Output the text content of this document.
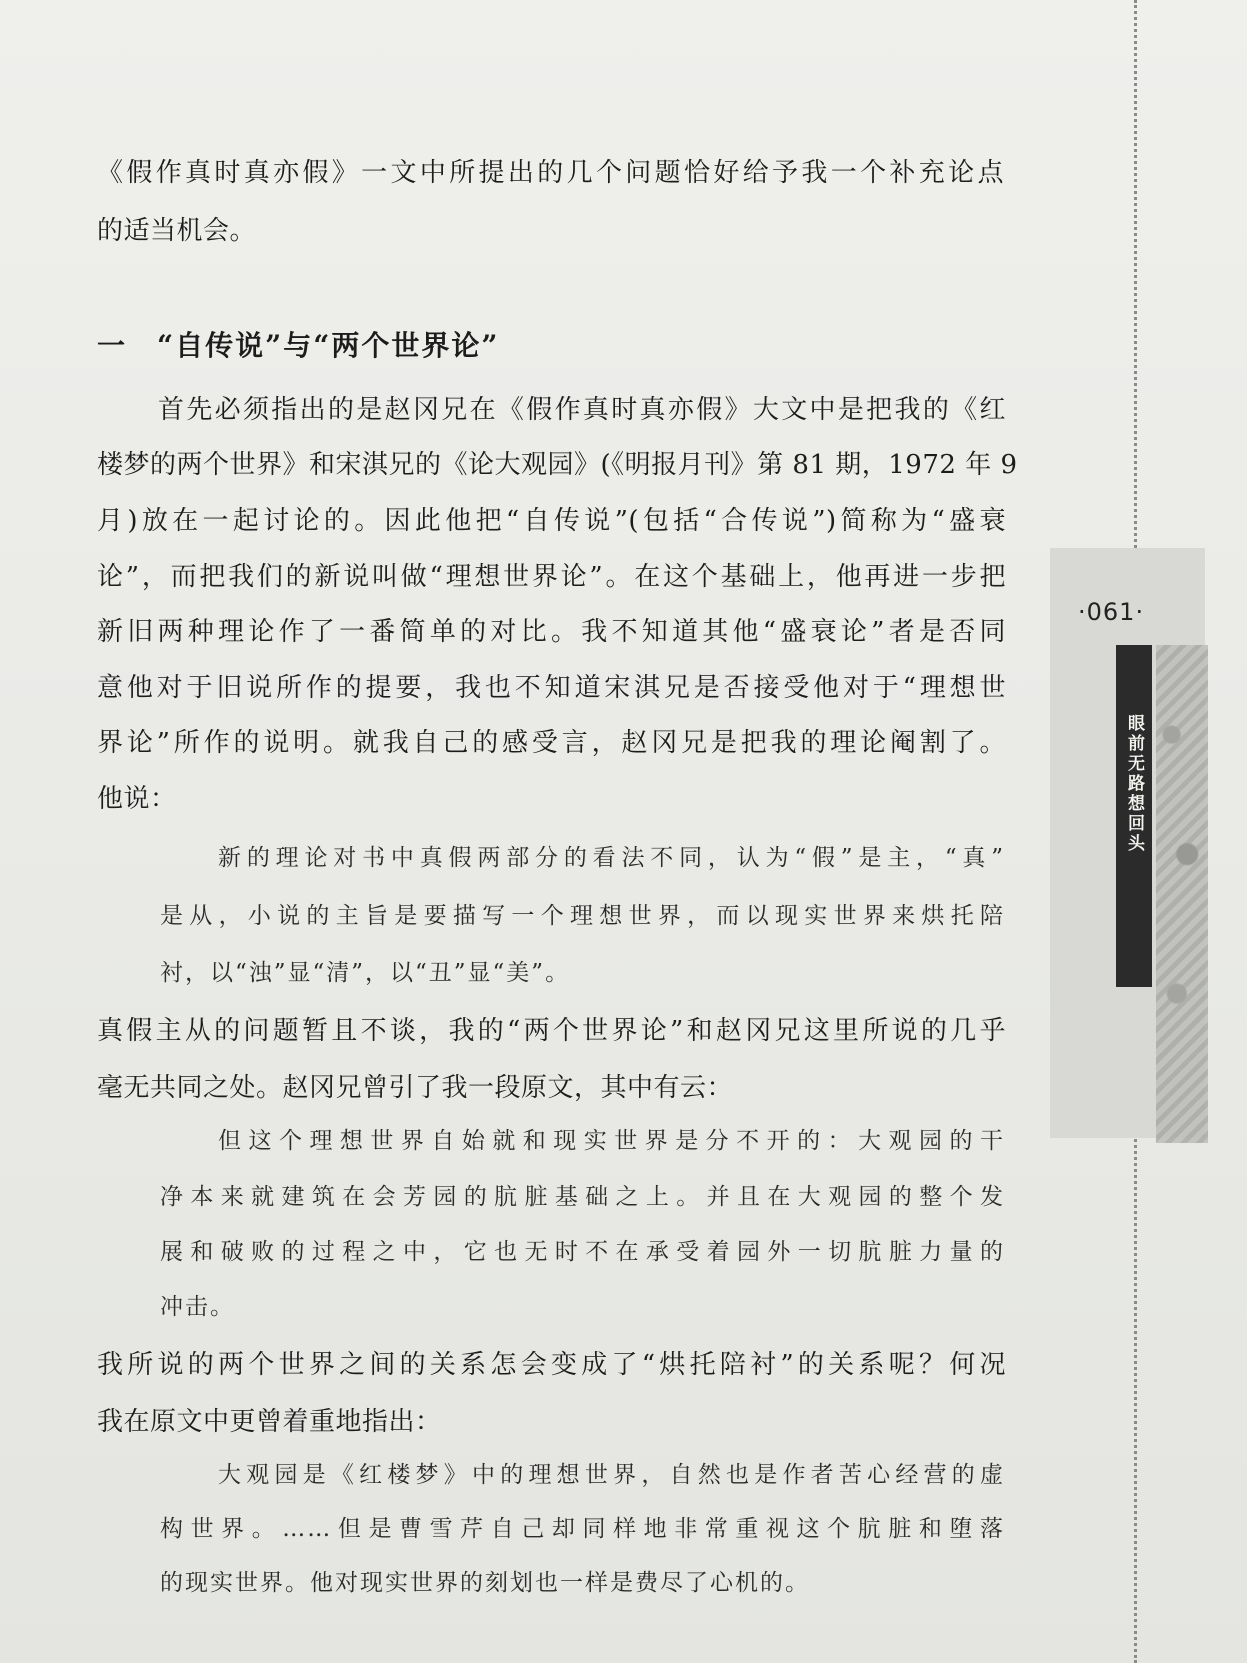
《假作真时真亦假》一文中所提出的几个问题恰好给予我一个补充论点
的适当机会。
一　“自传说”与“两个世界论”
首先必须指出的是赵冈兄在《假作真时真亦假》大文中是把我的《红
楼梦的两个世界》和宋淇兄的《论大观园》(《明报月刊》第 81 期，1972 年 9
月)放在一起讨论的。因此他把“自传说”(包括“合传说”)简称为“盛衰
论”，而把我们的新说叫做“理想世界论”。在这个基础上，他再进一步把
新旧两种理论作了一番简单的对比。我不知道其他“盛衰论”者是否同
意他对于旧说所作的提要，我也不知道宋淇兄是否接受他对于“理想世
界论”所作的说明。就我自己的感受言，赵冈兄是把我的理论阉割了。
他说：
新的理论对书中真假两部分的看法不同，认为“假”是主，“真”
是从，小说的主旨是要描写一个理想世界，而以现实世界来烘托陪
衬，以“浊”显“清”，以“丑”显“美”。
真假主从的问题暂且不谈，我的“两个世界论”和赵冈兄这里所说的几乎
毫无共同之处。赵冈兄曾引了我一段原文，其中有云：
但这个理想世界自始就和现实世界是分不开的：大观园的干
净本来就建筑在会芳园的肮脏基础之上。并且在大观园的整个发
展和破败的过程之中，它也无时不在承受着园外一切肮脏力量的
冲击。
我所说的两个世界之间的关系怎会变成了“烘托陪衬”的关系呢？何况
我在原文中更曾着重地指出：
大观园是《红楼梦》中的理想世界，自然也是作者苦心经营的虚
构世界。……但是曹雪芹自己却同样地非常重视这个肮脏和堕落
的现实世界。他对现实世界的刻划也一样是费尽了心机的。
·061·
眼前无路想回头
